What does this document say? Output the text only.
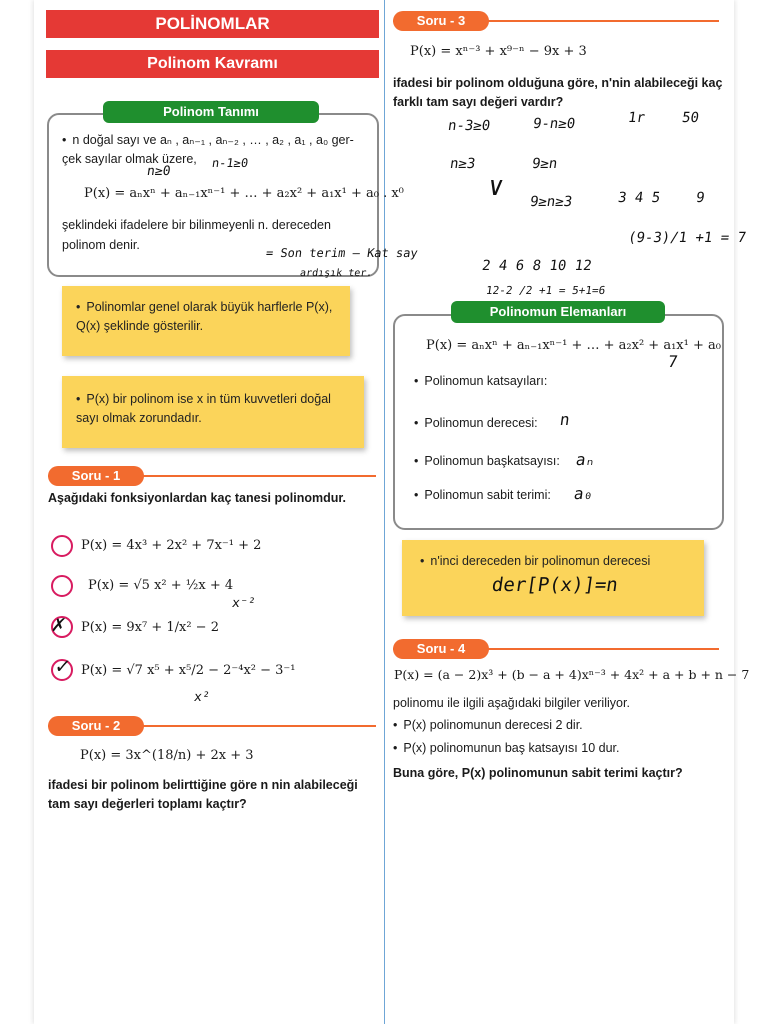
POLİNOMLAR
Polinom Kavramı
Polinom Tanımı
• n doğal sayı ve aₙ , aₙ₋₁ , aₙ₋₂ , … , a₂ , a₁ , a₀ ger-
çek sayılar olmak üzere,
n≥0
n-1≥0
P(x) = aₙxⁿ + aₙ₋₁xⁿ⁻¹ + … + a₂x² + a₁x¹ + a₀ . x⁰
şeklindeki ifadelere bir bilinmeyenli n. dereceden
polinom denir.
= Son terim – Kat say
ardışık ter.
• Polinomlar genel olarak büyük harflerle P(x), Q(x) şeklinde gösterilir.
• P(x) bir polinom ise x in tüm kuvvetleri doğal sayı olmak zorundadır.
Soru - 1
Aşağıdaki fonksiyonlardan kaç tanesi polinomdur.
P(x) = 4x³ + 2x² + 7x⁻¹ + 2
P(x) = √5 x² + ½x + 4
✗ P(x) = 9x⁷ + 1/x² − 2
x⁻²
✓ P(x) = √7 x⁵ + x⁵/2 − 2⁻⁴x² − 3⁻¹
x²
Soru - 2
P(x) = 3x^(18/n) + 2x + 3
ifadesi bir polinom belirttiğine göre n nin alabileceği tam sayı değerleri toplamı kaçtır?
Soru - 3
P(x) = xⁿ⁻³ + x⁹⁻ⁿ − 9x + 3
ifadesi bir polinom olduğuna göre, n'nin alabileceği kaç farklı tam sayı değeri vardır?
n-3≥0	9-n≥0	1r 50
n≥3	9≥n
∨ 9≥n≥3	3 4 5 9
(9-3)/1 +1 = 7
2 4 6 8 10 12
12-2 /2 +1 = 5+1=6
Polinomun Elemanları
P(x) = aₙxⁿ + aₙ₋₁xⁿ⁻¹ + … + a₂x² + a₁x¹ + a₀
7
• Polinomun katsayıları:
• Polinomun derecesi: n
• Polinomun başkatsayısı: aₙ
• Polinomun sabit terimi: a₀
• n'inci dereceden bir polinomun derecesi
der[P(x)]=n
Soru - 4
P(x) = (a − 2)x³ + (b − a + 4)xⁿ⁻³ + 4x² + a + b + n − 7
polinomu ile ilgili aşağıdaki bilgiler veriliyor.
• P(x) polinomunun derecesi 2 dir.
• P(x) polinomunun baş katsayısı 10 dur.
Buna göre, P(x) polinomunun sabit terimi kaçtır?
